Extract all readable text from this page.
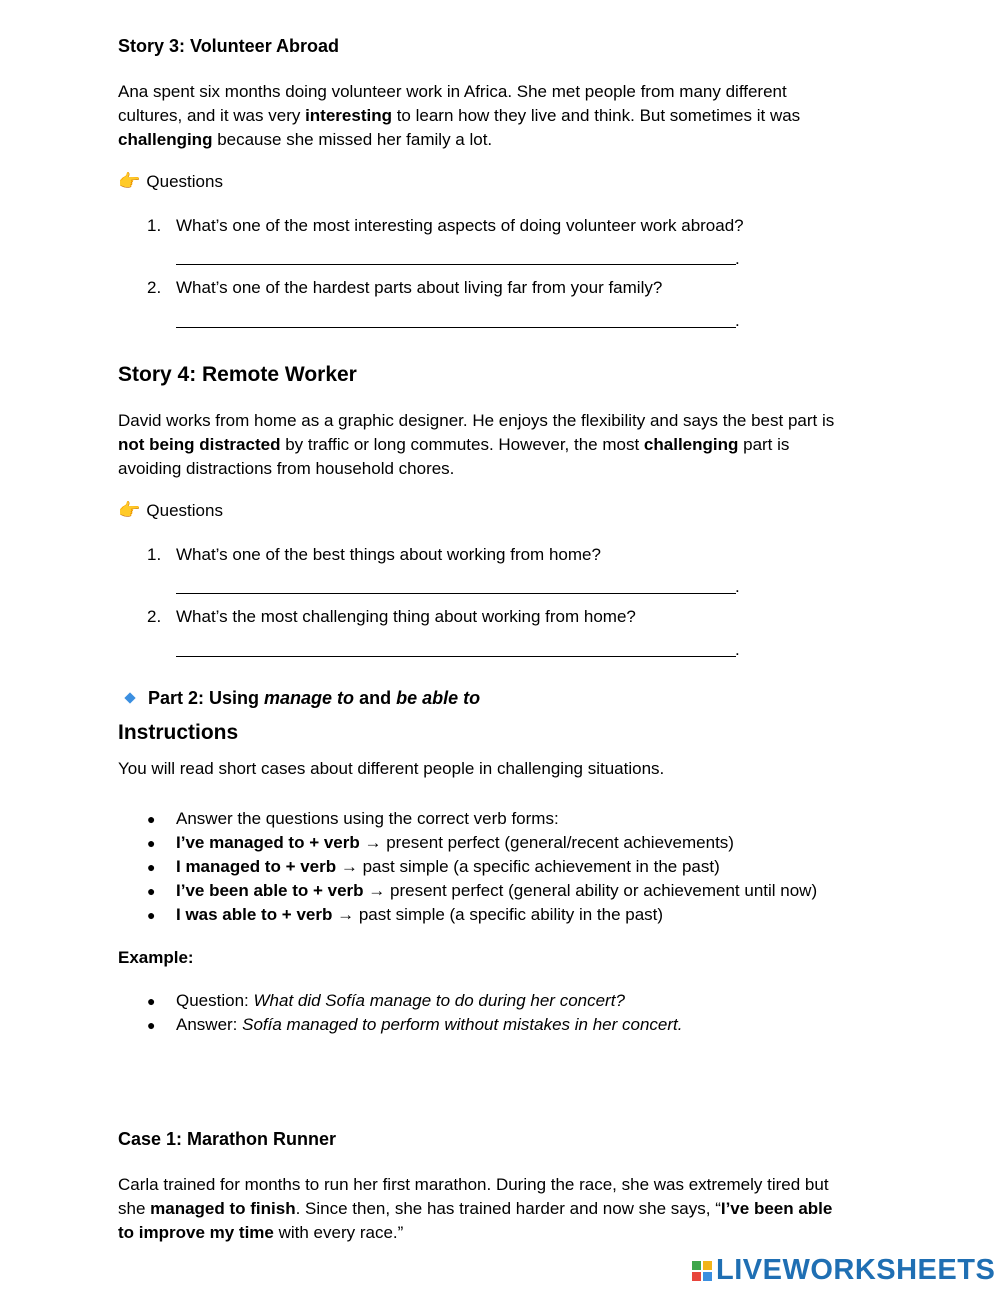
Story 3: Volunteer Abroad
Ana spent six months doing volunteer work in Africa. She met people from many different
cultures, and it was very interesting to learn how they live and think. But sometimes it was
challenging because she missed her family a lot.
👉 Questions
1. What’s one of the most interesting aspects of doing volunteer work abroad?
.
2. What’s one of the hardest parts about living far from your family?
.
Story 4: Remote Worker
David works from home as a graphic designer. He enjoys the flexibility and says the best part is
not being distracted by traffic or long commutes. However, the most challenging part is
avoiding distractions from household chores.
👉 Questions
1. What’s one of the best things about working from home?
.
2. What’s the most challenging thing about working from home?
.
Part 2: Using manage to and be able to
Instructions
You will read short cases about different people in challenging situations.
● Answer the questions using the correct verb forms:
● I’ve managed to + verb → present perfect (general/recent achievements)
● I managed to + verb → past simple (a specific achievement in the past)
● I’ve been able to + verb → present perfect (general ability or achievement until now)
● I was able to + verb → past simple (a specific ability in the past)
Example:
● Question: What did Sofía manage to do during her concert?
● Answer: Sofía managed to perform without mistakes in her concert.
Case 1: Marathon Runner
Carla trained for months to run her first marathon. During the race, she was extremely tired but
she managed to finish. Since then, she has trained harder and now she says, “I’ve been able
to improve my time with every race.”
LIVEWORKSHEETS
